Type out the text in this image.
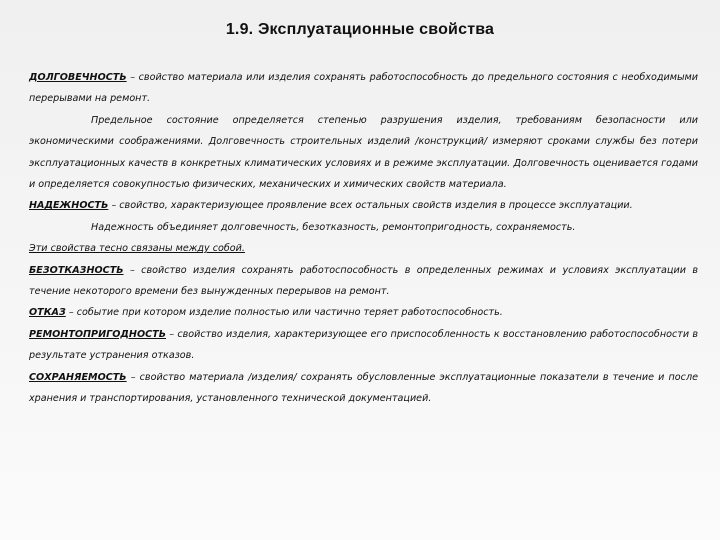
1.9. Эксплуатационные свойства

ДОЛГОВЕЧНОСТЬ – свойство материала или изделия сохранять работоспособность до предельного состояния с необходимыми перерывами на ремонт.

Предельное состояние определяется степенью разрушения изделия, требованиям безопасности или экономическими соображениями. Долговечность строительных изделий /конструкций/ измеряют сроками службы без потери эксплуатационных качеств в конкретных климатических условиях и в режиме эксплуатации. Долговечность оценивается годами и определяется совокупностью физических, механических и химических свойств материала.

НАДЕЖНОСТЬ – свойство, характеризующее проявление всех остальных свойств изделия в процессе эксплуатации.

Надежность объединяет долговечность, безотказность, ремонтопригодность, сохраняемость.

Эти свойства тесно связаны между собой.

БЕЗОТКАЗНОСТЬ – свойство изделия сохранять работоспособность в определенных режимах и условиях эксплуатации в течение некоторого времени без вынужденных перерывов на ремонт.

ОТКАЗ – событие при котором изделие полностью или частично теряет работоспособность.

РЕМОНТОПРИГОДНОСТЬ – свойство изделия, характеризующее его приспособленность к восстановлению работоспособности в результате устранения отказов.

СОХРАНЯЕМОСТЬ – свойство материала /изделия/ сохранять обусловленные эксплуатационные показатели в течение и после хранения и транспортирования, установленного технической документацией.
